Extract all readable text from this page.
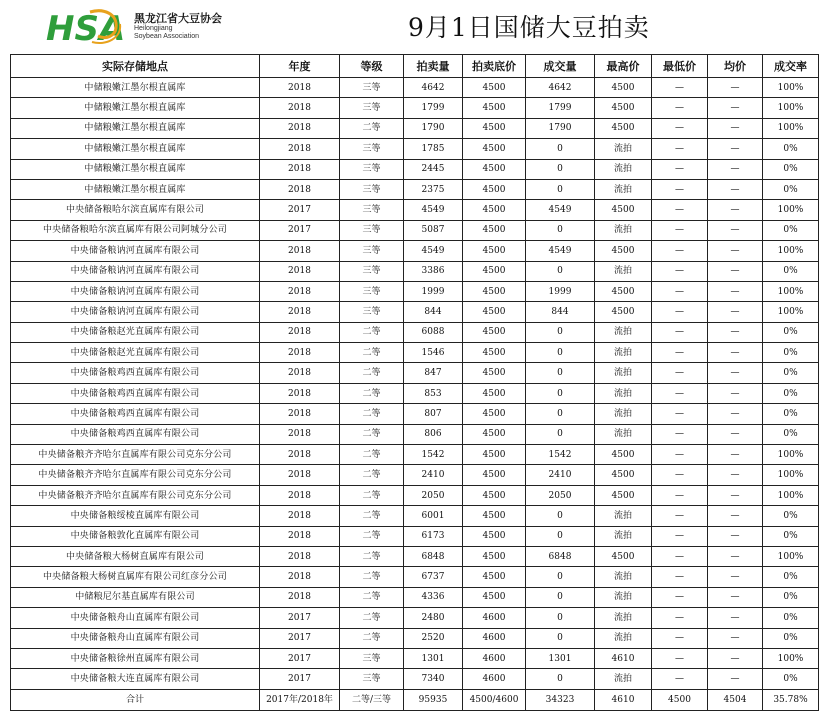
HSA 黑龙江省大豆协会
Heilongjiang
Soybean Association	9月1日国储大豆拍卖
实际存储地点	年度	等级	拍卖量	拍卖底价	成交量	最高价	最低价	均价	成交率
中储粮嫩江墨尔根直属库	2018	三等	4642	4500	4642	4500	—	—	100%
中储粮嫩江墨尔根直属库	2018	三等	1799	4500	1799	4500	—	—	100%
中储粮嫩江墨尔根直属库	2018	二等	1790	4500	1790	4500	—	—	100%
中储粮嫩江墨尔根直属库	2018	三等	1785	4500	0	流拍	—	—	0%
中储粮嫩江墨尔根直属库	2018	三等	2445	4500	0	流拍	—	—	0%
中储粮嫩江墨尔根直属库	2018	三等	2375	4500	0	流拍	—	—	0%
中央储备粮哈尔滨直属库有限公司	2017	三等	4549	4500	4549	4500	—	—	100%
中央储备粮哈尔滨直属库有限公司阿城分公司	2017	三等	5087	4500	0	流拍	—	—	0%
中央储备粮讷河直属库有限公司	2018	三等	4549	4500	4549	4500	—	—	100%
中央储备粮讷河直属库有限公司	2018	三等	3386	4500	0	流拍	—	—	0%
中央储备粮讷河直属库有限公司	2018	三等	1999	4500	1999	4500	—	—	100%
中央储备粮讷河直属库有限公司	2018	三等	844	4500	844	4500	—	—	100%
中央储备粮赵光直属库有限公司	2018	二等	6088	4500	0	流拍	—	—	0%
中央储备粮赵光直属库有限公司	2018	二等	1546	4500	0	流拍	—	—	0%
中央储备粮鸡西直属库有限公司	2018	二等	847	4500	0	流拍	—	—	0%
中央储备粮鸡西直属库有限公司	2018	二等	853	4500	0	流拍	—	—	0%
中央储备粮鸡西直属库有限公司	2018	二等	807	4500	0	流拍	—	—	0%
中央储备粮鸡西直属库有限公司	2018	二等	806	4500	0	流拍	—	—	0%
中央储备粮齐齐哈尔直属库有限公司克东分公司	2018	二等	1542	4500	1542	4500	—	—	100%
中央储备粮齐齐哈尔直属库有限公司克东分公司	2018	二等	2410	4500	2410	4500	—	—	100%
中央储备粮齐齐哈尔直属库有限公司克东分公司	2018	二等	2050	4500	2050	4500	—	—	100%
中央储备粮绥棱直属库有限公司	2018	二等	6001	4500	0	流拍	—	—	0%
中央储备粮敦化直属库有限公司	2018	二等	6173	4500	0	流拍	—	—	0%
中央储备粮大杨树直属库有限公司	2018	二等	6848	4500	6848	4500	—	—	100%
中央储备粮大杨树直属库有限公司红彦分公司	2018	二等	6737	4500	0	流拍	—	—	0%
中储粮尼尔基直属库有限公司	2018	二等	4336	4500	0	流拍	—	—	0%
中央储备粮舟山直属库有限公司	2017	二等	2480	4600	0	流拍	—	—	0%
中央储备粮舟山直属库有限公司	2017	二等	2520	4600	0	流拍	—	—	0%
中央储备粮徐州直属库有限公司	2017	三等	1301	4600	1301	4610	—	—	100%
中央储备粮大连直属库有限公司	2017	三等	7340	4600	0	流拍	—	—	0%
合计	2017年/2018年	二等/三等	95935	4500/4600	34323	4610	4500	4504	35.78%
